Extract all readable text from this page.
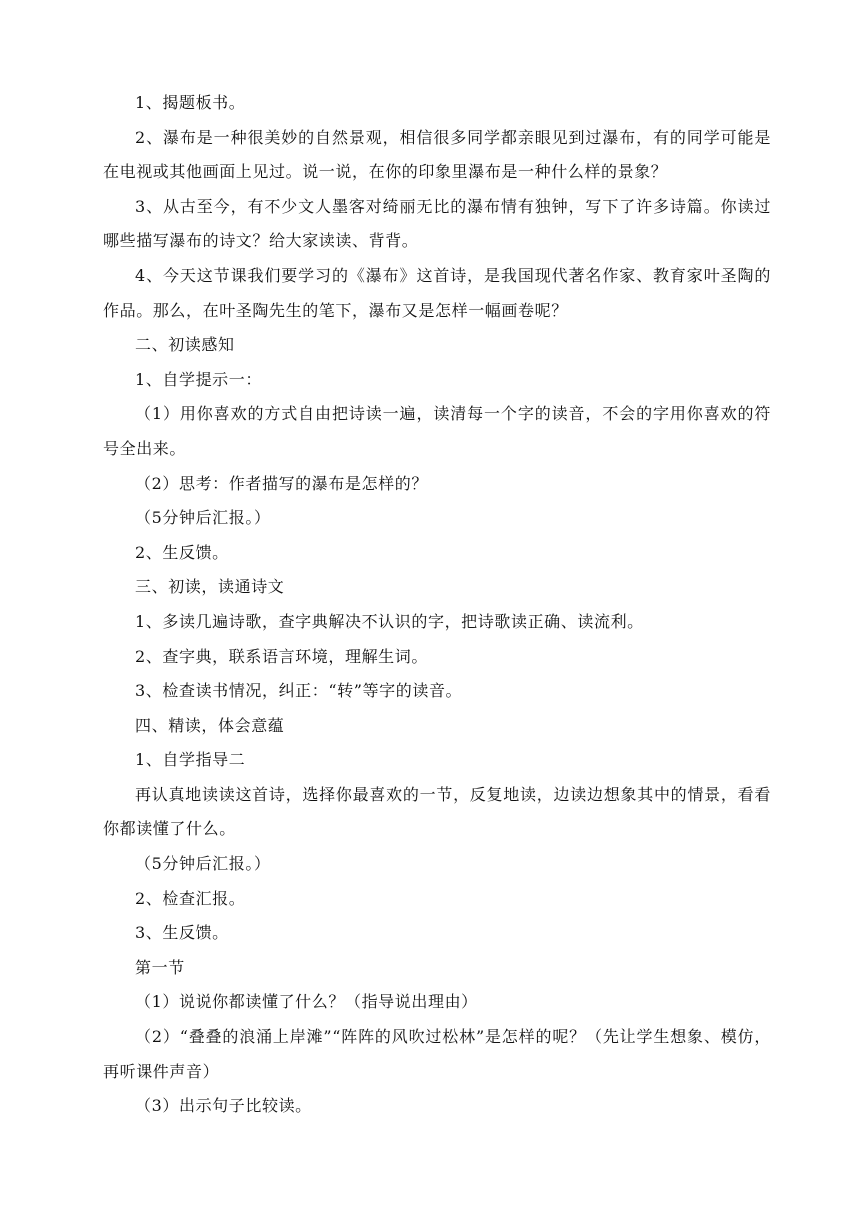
1、揭题板书。

2、瀑布是一种很美妙的自然景观，相信很多同学都亲眼见到过瀑布，有的同学可能是在电视或其他画面上见过。说一说，在你的印象里瀑布是一种什么样的景象？

3、从古至今，有不少文人墨客对绮丽无比的瀑布情有独钟，写下了许多诗篇。你读过哪些描写瀑布的诗文？给大家读读、背背。

4、今天这节课我们要学习的《瀑布》这首诗，是我国现代著名作家、教育家叶圣陶的作品。那么，在叶圣陶先生的笔下，瀑布又是怎样一幅画卷呢？

二、初读感知

1、自学提示一：

（1）用你喜欢的方式自由把诗读一遍，读清每一个字的读音，不会的字用你喜欢的符号全出来。

（2）思考：作者描写的瀑布是怎样的？

（5分钟后汇报。）

2、生反馈。

三、初读，读通诗文

1、多读几遍诗歌，查字典解决不认识的字，把诗歌读正确、读流利。

2、查字典，联系语言环境，理解生词。

3、检查读书情况，纠正：“转”等字的读音。

四、精读，体会意蕴

1、自学指导二

再认真地读读这首诗，选择你最喜欢的一节，反复地读，边读边想象其中的情景，看看你都读懂了什么。

（5分钟后汇报。）

2、检查汇报。

3、生反馈。

第一节

（1）说说你都读懂了什么？（指导说出理由）

（2）“叠叠的浪涌上岸滩”“阵阵的风吹过松林”是怎样的呢？（先让学生想象、模仿，再听课件声音）

（3）出示句子比较读。
